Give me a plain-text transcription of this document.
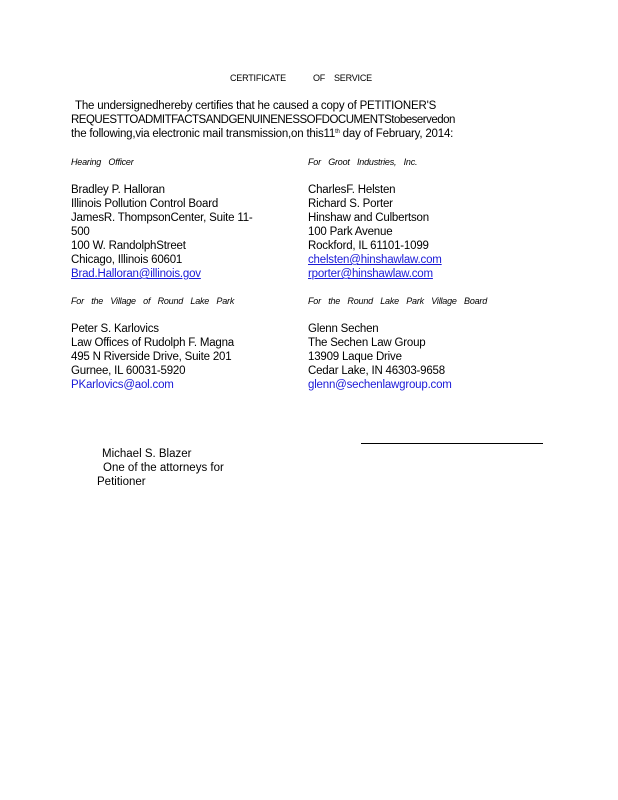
CERTIFICATE	OF SERVICE
The undersignedhereby certifies that he caused a copy of PETITIONER'S
REQUESTTOADMITFACTSANDGENUINENESSOFDOCUMENTStobeservedon
the following,via electronic mail transmission,on this11th day of February, 2014:
Hearing Officer
Bradley P. Halloran
Illinois Pollution Control Board
JamesR. ThompsonCenter, Suite 11-
500
100 W. RandolphStreet
Chicago, Illinois 60601
Brad.Halloran@illinois.gov
For Groot Industries, Inc.
CharlesF. Helsten
Richard S. Porter
Hinshaw and Culbertson
100 Park Avenue
Rockford, IL 61101-1099
chelsten@hinshawlaw.com
rporter@hinshawlaw.com
For the Village of Round Lake Park
Peter S. Karlovics
Law Offices of Rudolph F. Magna
495 N Riverside Drive, Suite 201
Gurnee, IL 60031-5920
PKarlovics@aol.com
For the Round Lake Park Village Board
Glenn Sechen
The Sechen Law Group
13909 Laque Drive
Cedar Lake, IN 46303-9658
glenn@sechenlawgroup.com
Michael S. Blazer
One of the attorneys for
Petitioner
